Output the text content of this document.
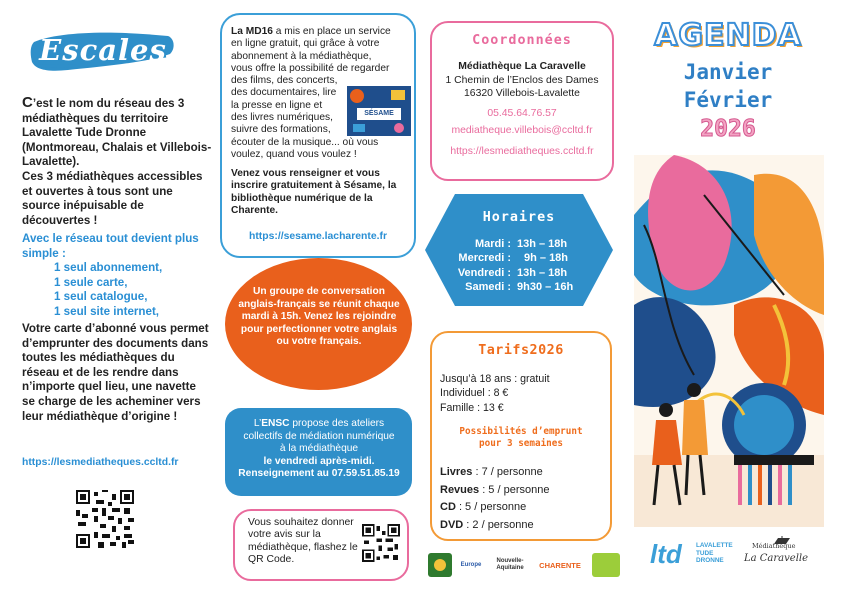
Escales
C’est le nom du réseau des 3 médiathèques du territoire Lavalette Tude Dronne (Montmoreau, Chalais et Villebois-Lavalette).
Ces 3 médiathèques accessibles et ouvertes à tous sont une source inépuisable de découvertes !
Avec le réseau tout devient plus simple :
1 seul abonnement,
1 seule carte,
1 seul catalogue,
1 seul site internet,
Votre carte d’abonné vous permet d’emprunter des documents dans toutes les médiathèques du réseau et de les rendre dans n’importe quel lieu, une navette se charge de les acheminer vers leur médiathèque d’origine !
https://lesmediatheques.ccltd.fr
La MD16 a mis en place un service
en ligne gratuit, qui grâce à votre
abonnement à la médiathèque,
vous offre la possibilité de regarder
des films, des concerts,
des documentaires, lire
la presse en ligne et
des livres numériques,
suivre des formations,
écouter de la musique... où vous
voulez, quand vous voulez !
SÉSAME
Venez vous renseigner et vous inscrire gratuitement à Sésame, la bibliothèque numérique de la Charente.
https://sesame.lacharente.fr
Un groupe de conversation anglais-français se réunit chaque mardi à 15h. Venez les rejoindre pour perfectionner votre anglais ou votre français.
L’ENSC propose des ateliers
collectifs de médiation numérique
à la médiathèque
le vendredi après-midi.
Renseignement au 07.59.51.85.19
Vous souhaitez donner votre avis sur la médiathèque, flashez le QR Code.
Coordonnées
Médiathèque La Caravelle
1 Chemin de l’Enclos des Dames
16320 Villebois-Lavalette
05.45.64.76.57
mediatheque.villebois@ccltd.fr
https://lesmediatheques.ccltd.fr
Horaires
Mardi : 13h – 18h
Mercredi :	9h – 18h
Vendredi : 13h – 18h
Samedi : 9h30 – 16h
Tarifs2026
Jusqu’à 18 ans : gratuit
Individuel : 8 €
Famille : 13 €
Possibilités d’emprunt
pour 3 semaines
Livres : 7 / personne
Revues : 5 / personne
CD : 5 / personne
DVD : 2 / personne
Europe
Nouvelle-Aquitaine	CHARENTE
AGENDA
Janvier
Février
2026
ltd LAVALETTE
TUDE
DRONNE
Médiathèque
La Caravelle
